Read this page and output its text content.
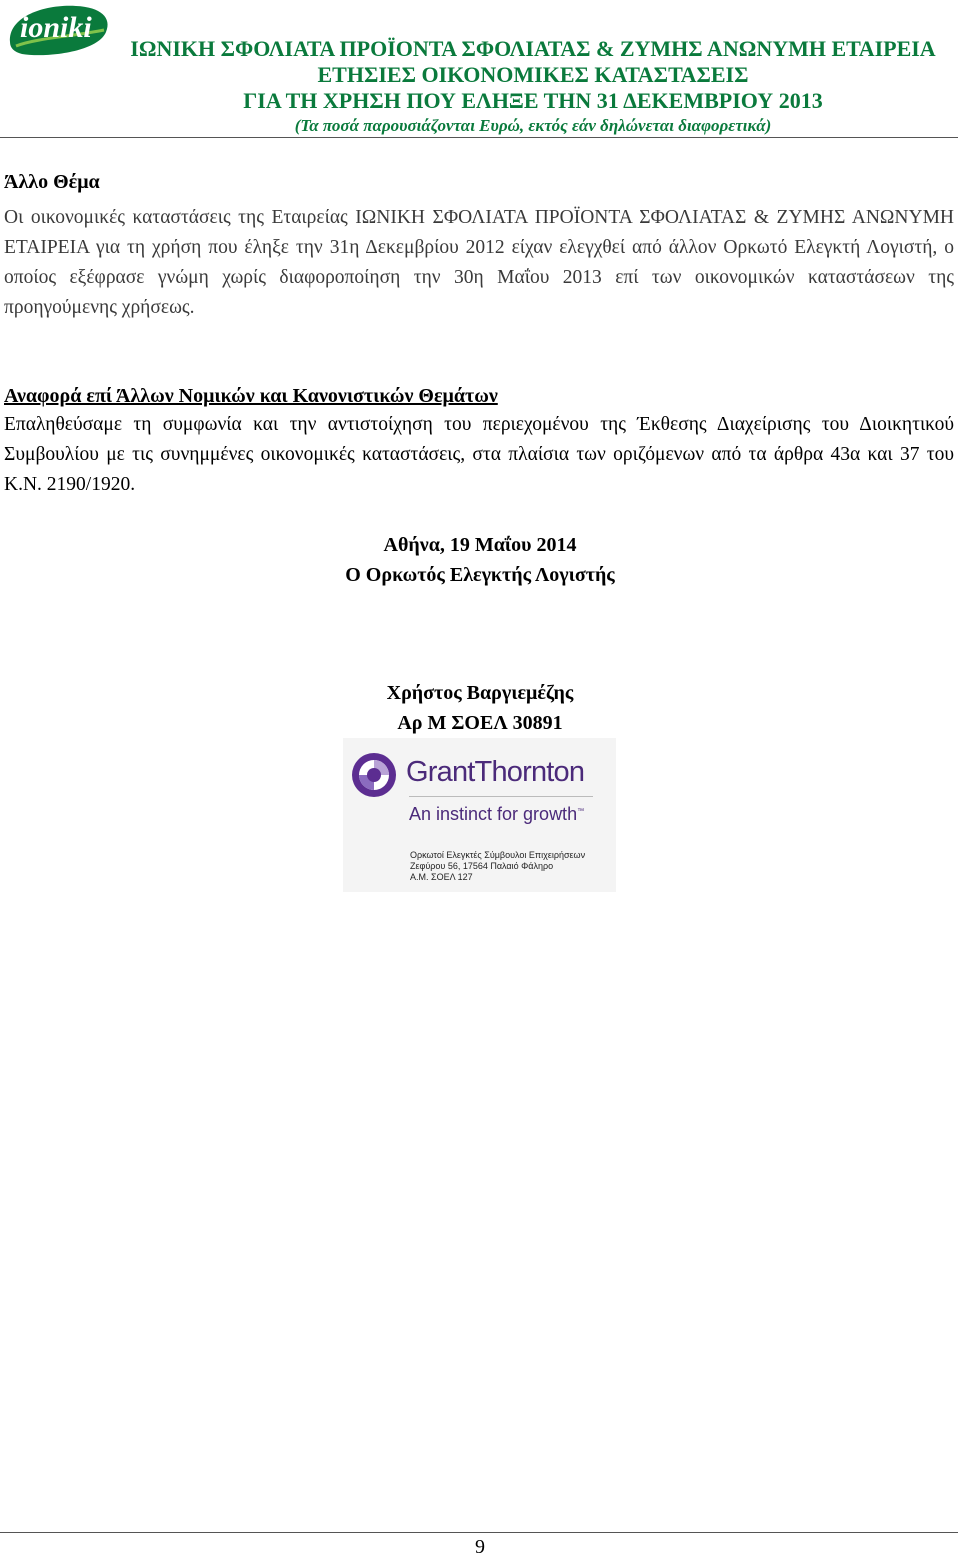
ioniki
ΙΩΝΙΚΗ ΣΦΟΛΙΑΤΑ ΠΡΟΪΟΝΤΑ ΣΦΟΛΙΑΤΑΣ & ΖΥΜΗΣ ΑΝΩΝΥΜΗ ΕΤΑΙΡΕΙΑ
ΕΤΗΣΙΕΣ ΟΙΚΟΝΟΜΙΚΕΣ ΚΑΤΑΣΤΑΣΕΙΣ
ΓΙΑ ΤΗ ΧΡΗΣΗ ΠΟΥ ΕΛΗΞΕ ΤΗΝ 31 ΔΕΚΕΜΒΡΙΟΥ 2013
(Τα ποσά παρουσιάζονται Ευρώ, εκτός εάν δηλώνεται διαφορετικά)
Άλλο Θέμα
Οι οικονομικές καταστάσεις της Εταιρείας ΙΩΝΙΚΗ ΣΦΟΛΙΑΤΑ ΠΡΟΪΟΝΤΑ ΣΦΟΛΙΑΤΑΣ & ΖΥΜΗΣ ΑΝΩΝΥΜΗ ΕΤΑΙΡΕΙΑ για τη χρήση που έληξε την 31η Δεκεμβρίου 2012 είχαν ελεγχθεί από άλλον Ορκωτό Ελεγκτή Λογιστή, ο οποίος εξέφρασε γνώμη χωρίς διαφοροποίηση την 30η Μαΐου 2013 επί των οικονομικών καταστάσεων της προηγούμενης χρήσεως.
Αναφορά επί Άλλων Νομικών και Κανονιστικών Θεμάτων
Επαληθεύσαμε τη συμφωνία και την αντιστοίχηση του περιεχομένου της Έκθεσης Διαχείρισης του Διοικητικού Συμβουλίου με τις συνημμένες οικονομικές καταστάσεις, στα πλαίσια των οριζόμενων από τα άρθρα 43α και 37 του Κ.Ν. 2190/1920.
Αθήνα, 19 Μαΐου 2014
Ο Ορκωτός Ελεγκτής Λογιστής
Χρήστος Βαργιεμέζης
Αρ Μ ΣΟΕΛ 30891
GrantThornton
An instinct for growth™
Ορκωτοί Ελεγκτές Σύμβουλοι Επιχειρήσεων
Ζεφύρου 56, 17564 Παλαιό Φάληρο
Α.Μ. ΣΟΕΛ 127
9
